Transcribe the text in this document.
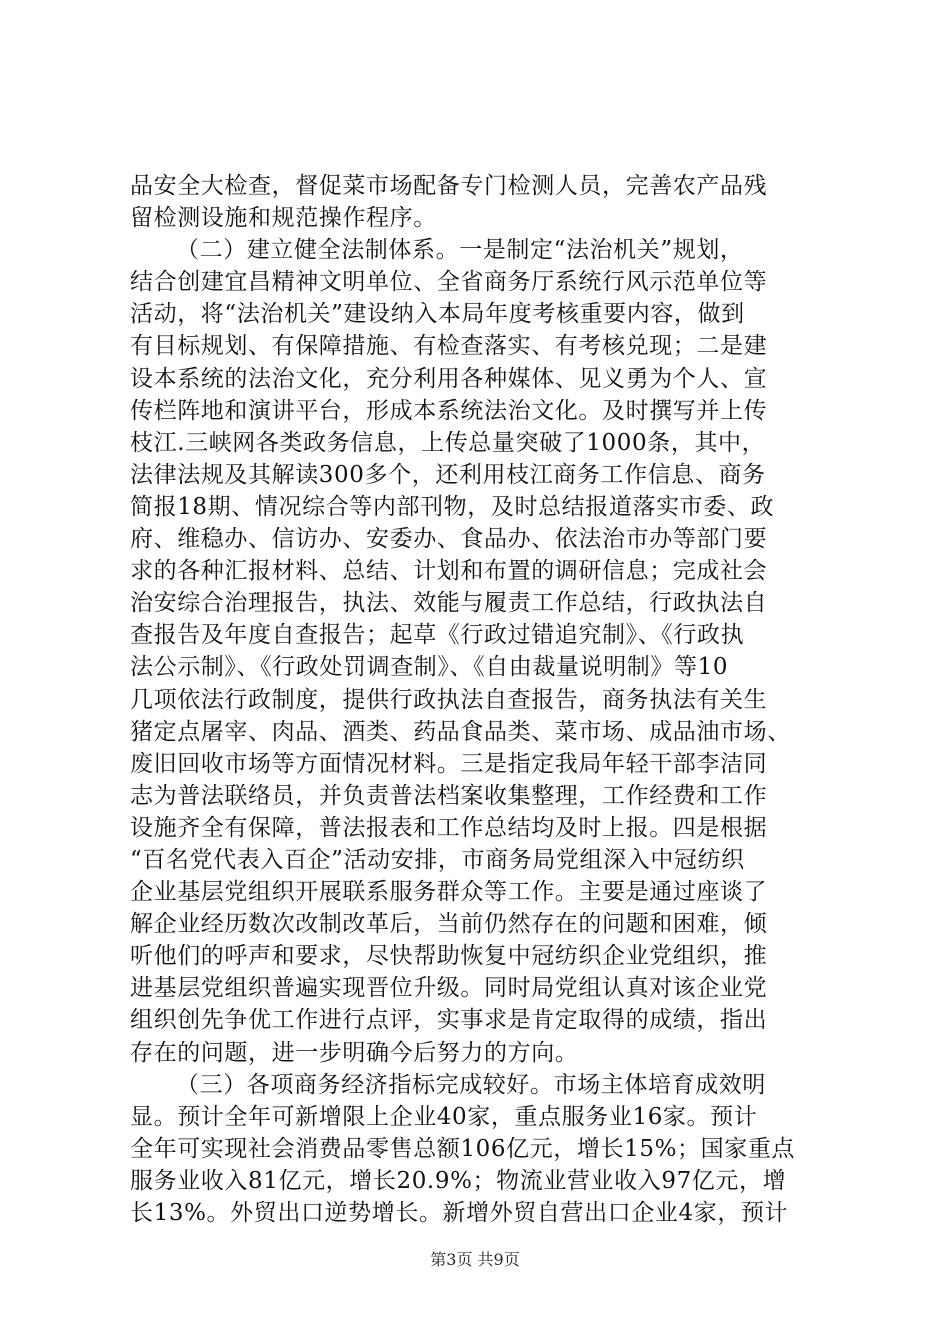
品安全大检查，督促菜市场配备专门检测人员，完善农产品残
留检测设施和规范操作程序。
（二）建立健全法制体系。一是制定“法治机关”规划，
结合创建宜昌精神文明单位、全省商务厅系统行风示范单位等
活动，将“法治机关”建设纳入本局年度考核重要内容，做到
有目标规划、有保障措施、有检查落实、有考核兑现；二是建
设本系统的法治文化，充分利用各种媒体、见义勇为个人、宣
传栏阵地和演讲平台，形成本系统法治文化。及时撰写并上传
枝江.三峡网各类政务信息，上传总量突破了1000条，其中，
法律法规及其解读300多个，还利用枝江商务工作信息、商务
简报18期、情况综合等内部刊物，及时总结报道落实市委、政
府、维稳办、信访办、安委办、食品办、依法治市办等部门要
求的各种汇报材料、总结、计划和布置的调研信息；完成社会
治安综合治理报告，执法、效能与履责工作总结，行政执法自
查报告及年度自查报告；起草《行政过错追究制》、《行政执
法公示制》、《行政处罚调查制》、《自由裁量说明制》等10
几项依法行政制度，提供行政执法自查报告，商务执法有关生
猪定点屠宰、肉品、酒类、药品食品类、菜市场、成品油市场、
废旧回收市场等方面情况材料。三是指定我局年轻干部李洁同
志为普法联络员，并负责普法档案收集整理，工作经费和工作
设施齐全有保障，普法报表和工作总结均及时上报。四是根据
“百名党代表入百企”活动安排，市商务局党组深入中冠纺织
企业基层党组织开展联系服务群众等工作。主要是通过座谈了
解企业经历数次改制改革后，当前仍然存在的问题和困难，倾
听他们的呼声和要求，尽快帮助恢复中冠纺织企业党组织，推
进基层党组织普遍实现晋位升级。同时局党组认真对该企业党
组织创先争优工作进行点评，实事求是肯定取得的成绩，指出
存在的问题，进一步明确今后努力的方向。
（三）各项商务经济指标完成较好。市场主体培育成效明
显。预计全年可新增限上企业40家，重点服务业16家。预计
全年可实现社会消费品零售总额106亿元，增长15%；国家重点
服务业收入81亿元，增长20.9%；物流业营业收入97亿元，增
长13%。外贸出口逆势增长。新增外贸自营出口企业4家，预计
第3页 共9页
